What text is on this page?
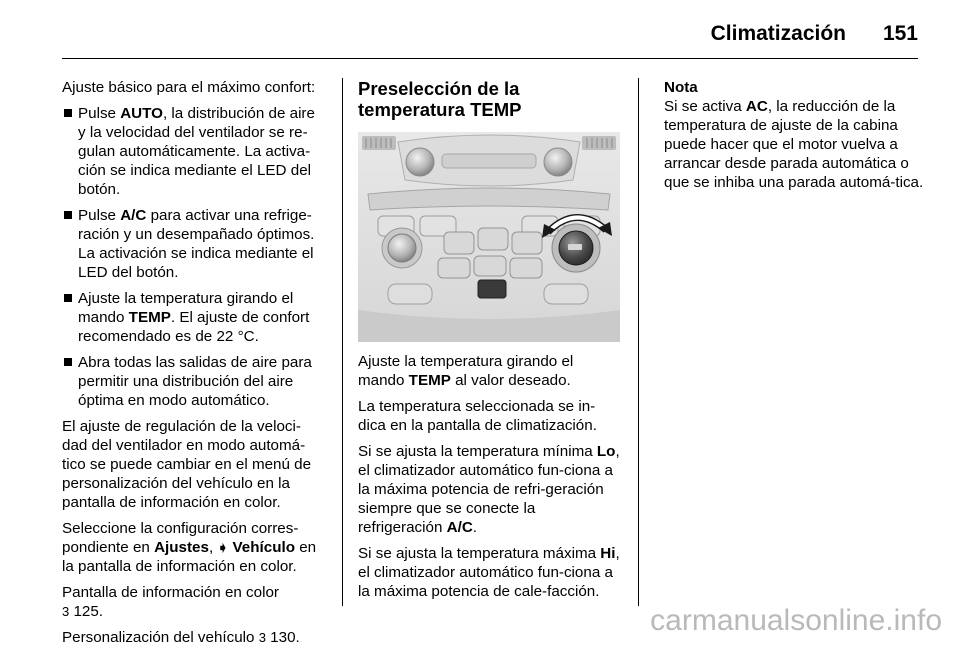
Climatización 151

Ajuste básico para el máximo confort:

Pulse AUTO, la distribución de aire y la velocidad del ventilador se re-gulan automáticamente. La activa-ción se indica mediante el LED del botón.
Pulse A/C para activar una refrige-ración y un desempañado óptimos. La activación se indica mediante el LED del botón.
Ajuste la temperatura girando el mando TEMP. El ajuste de confort recomendado es de 22 °C.
Abra todas las salidas de aire para permitir una distribución del aire óptima en modo automático.

El ajuste de regulación de la veloci-dad del ventilador en modo automá-tico se puede cambiar en el menú de personalización del vehículo en la pantalla de información en color.

Seleccione la configuración corres-pondiente en Ajustes, ➧ Vehículo en la pantalla de información en color.

Pantalla de información en color
3 125.

Personalización del vehículo 3 130.

Preselección de la temperatura TEMP

Ajuste la temperatura girando el mando TEMP al valor deseado.

La temperatura seleccionada se in-dica en la pantalla de climatización.

Si se ajusta la temperatura mínima Lo, el climatizador automático fun-ciona a la máxima potencia de refri-geración siempre que se conecte la refrigeración A/C.

Si se ajusta la temperatura máxima Hi, el climatizador automático fun-ciona a la máxima potencia de cale-facción.

Nota

Si se activa AC, la reducción de la temperatura de ajuste de la cabina puede hacer que el motor vuelva a arrancar desde parada automática o que se inhiba una parada automá-tica.

carmanualsonline.info
